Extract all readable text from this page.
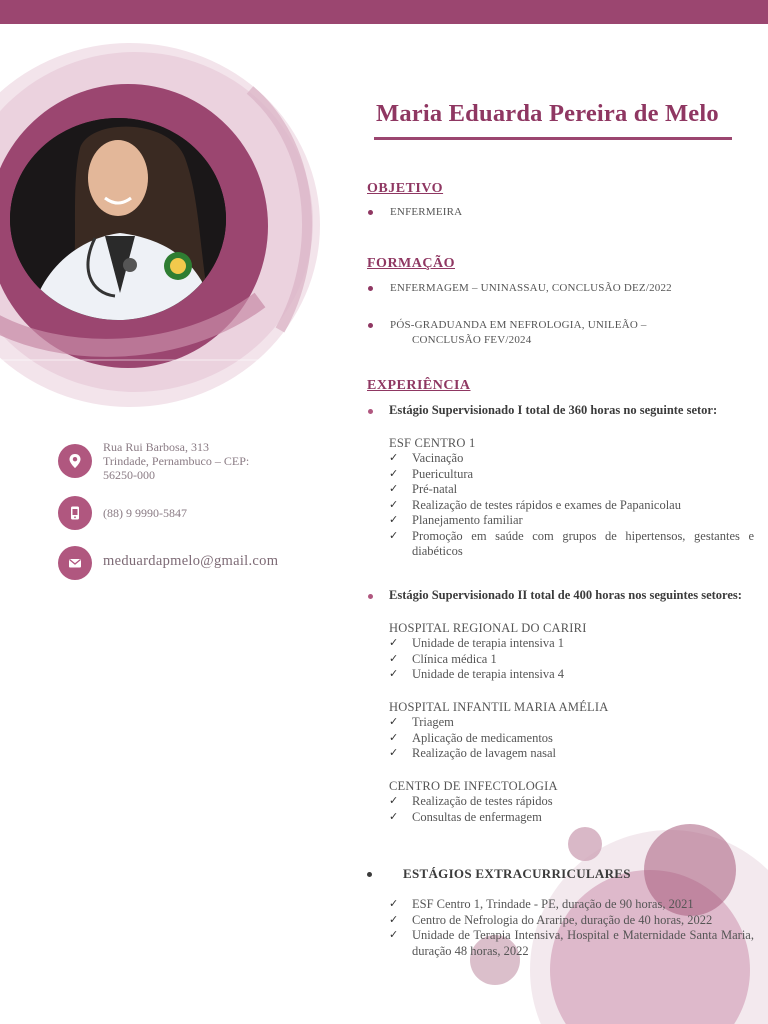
Rua Rui Barbosa, 313
Trindade, Pernambuco – CEP:
56250-000
(88) 9 9990-5847
meduardapmelo@gmail.com
Maria Eduarda Pereira de Melo
OBJETIVO
ENFERMEIRA
FORMAÇÃO
ENFERMAGEM – UNINASSAU, CONCLUSÃO DEZ/2022
PÓS-GRADUANDA EM NEFROLOGIA, UNILEÃO –
CONCLUSÃO FEV/2024
EXPERIÊNCIA
Estágio Supervisionado I total de 360 horas no seguinte setor:
ESF CENTRO 1
✓ Vacinação
✓ Puericultura
✓ Pré-natal
✓ Realização de testes rápidos e exames de Papanicolau
✓ Planejamento familiar
✓ Promoção em saúde com grupos de hipertensos, gestantes e diabéticos
Estágio Supervisionado II total de 400 horas nos seguintes setores:
HOSPITAL REGIONAL DO CARIRI
✓ Unidade de terapia intensiva 1
✓ Clínica médica 1
✓ Unidade de terapia intensiva 4
HOSPITAL INFANTIL MARIA AMÉLIA
✓ Triagem
✓ Aplicação de medicamentos
✓ Realização de lavagem nasal
CENTRO DE INFECTOLOGIA
✓ Realização de testes rápidos
✓ Consultas de enfermagem
ESTÁGIOS EXTRACURRICULARES
✓ ESF Centro 1, Trindade - PE, duração de 90 horas, 2021
✓ Centro de Nefrologia do Araripe, duração de 40 horas, 2022
✓ Unidade de Terapia Intensiva, Hospital e Maternidade Santa Maria, duração 48 horas, 2022
